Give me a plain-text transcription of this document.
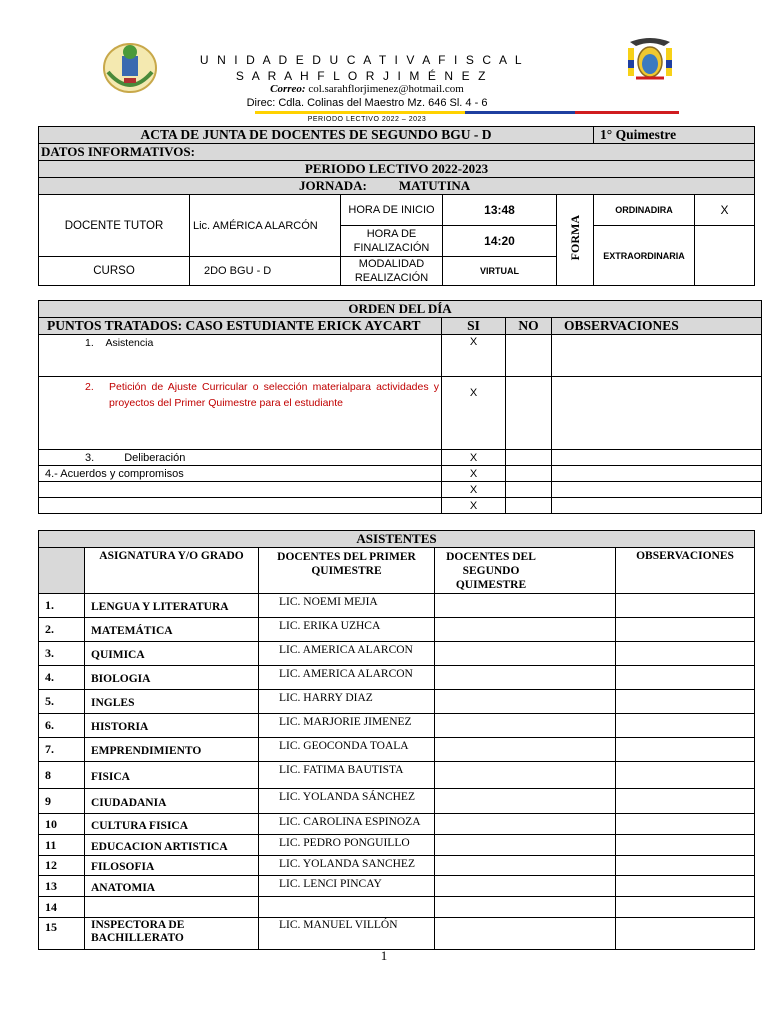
U N I D A D E D U C A T I V A F I S C A L
S A R A H F L O R J I M É N E Z
Correo: col.sarahflorjimenez@hotmail.com
Direc: Cdla. Colinas del Maestro Mz. 646 Sl. 4 - 6
PERIODO LECTIVO 2022 – 2023
ACTA DE JUNTA DE DOCENTES DE SEGUNDO BGU - D					1° Quimestre	
DATOS INFORMATIVOS:						
PERIODO LECTIVO 2022-2023						
JORNADA: MATUTINA						
DOCENTE TUTOR	Lic. AMÉRICA ALARCÓN	HORA DE INICIO	13:48	FORMA	ORDINADIRA	X
		HORA DE FINALIZACIÓN	14:20		EXTRAORDINARIA	
CURSO	2DO BGU - D	MODALIDAD REALIZACIÓN	VIRTUAL			
ORDEN DEL DÍA			
PUNTOS TRATADOS: CASO ESTUDIANTE ERICK AYCART	SI	NO	OBSERVACIONES
1. Asistencia	X		

2. Petición de Ajuste Curricular o selección materialpara actividades y proyectos del Primer Quimestre para el estudiante	X		
3. Deliberación	X		
4.- Acuerdos y compromisos	X		
	X		
	X		
ASISTENTES				
	ASIGNATURA Y/O GRADO	DOCENTES DEL PRIMER QUIMESTRE	DOCENTES DEL SEGUNDO QUIMESTRE	OBSERVACIONES
1.	LENGUA Y LITERATURA	LIC. NOEMI MEJIA		
2.	MATEMÁTICA	LIC. ERIKA UZHCA		
3.	QUIMICA	LIC. AMERICA ALARCON		
4.	BIOLOGIA	LIC. AMERICA ALARCON		
5.	INGLES	LIC. HARRY DIAZ		
6.	HISTORIA	LIC. MARJORIE JIMENEZ		
7.	EMPRENDIMIENTO	LIC. GEOCONDA TOALA		
8	FISICA	LIC. FATIMA BAUTISTA		
9	CIUDADANIA	LIC. YOLANDA SÁNCHEZ		
10	CULTURA FISICA	LIC. CAROLINA ESPINOZA		
11	EDUCACION ARTISTICA	LIC. PEDRO PONGUILLO		
12	FILOSOFIA	LIC. YOLANDA SANCHEZ		
13	ANATOMIA	LIC. LENCI PINCAY		
14				
15	INSPECTORA DE BACHILLERATO	LIC. MANUEL VILLÓN		
1
